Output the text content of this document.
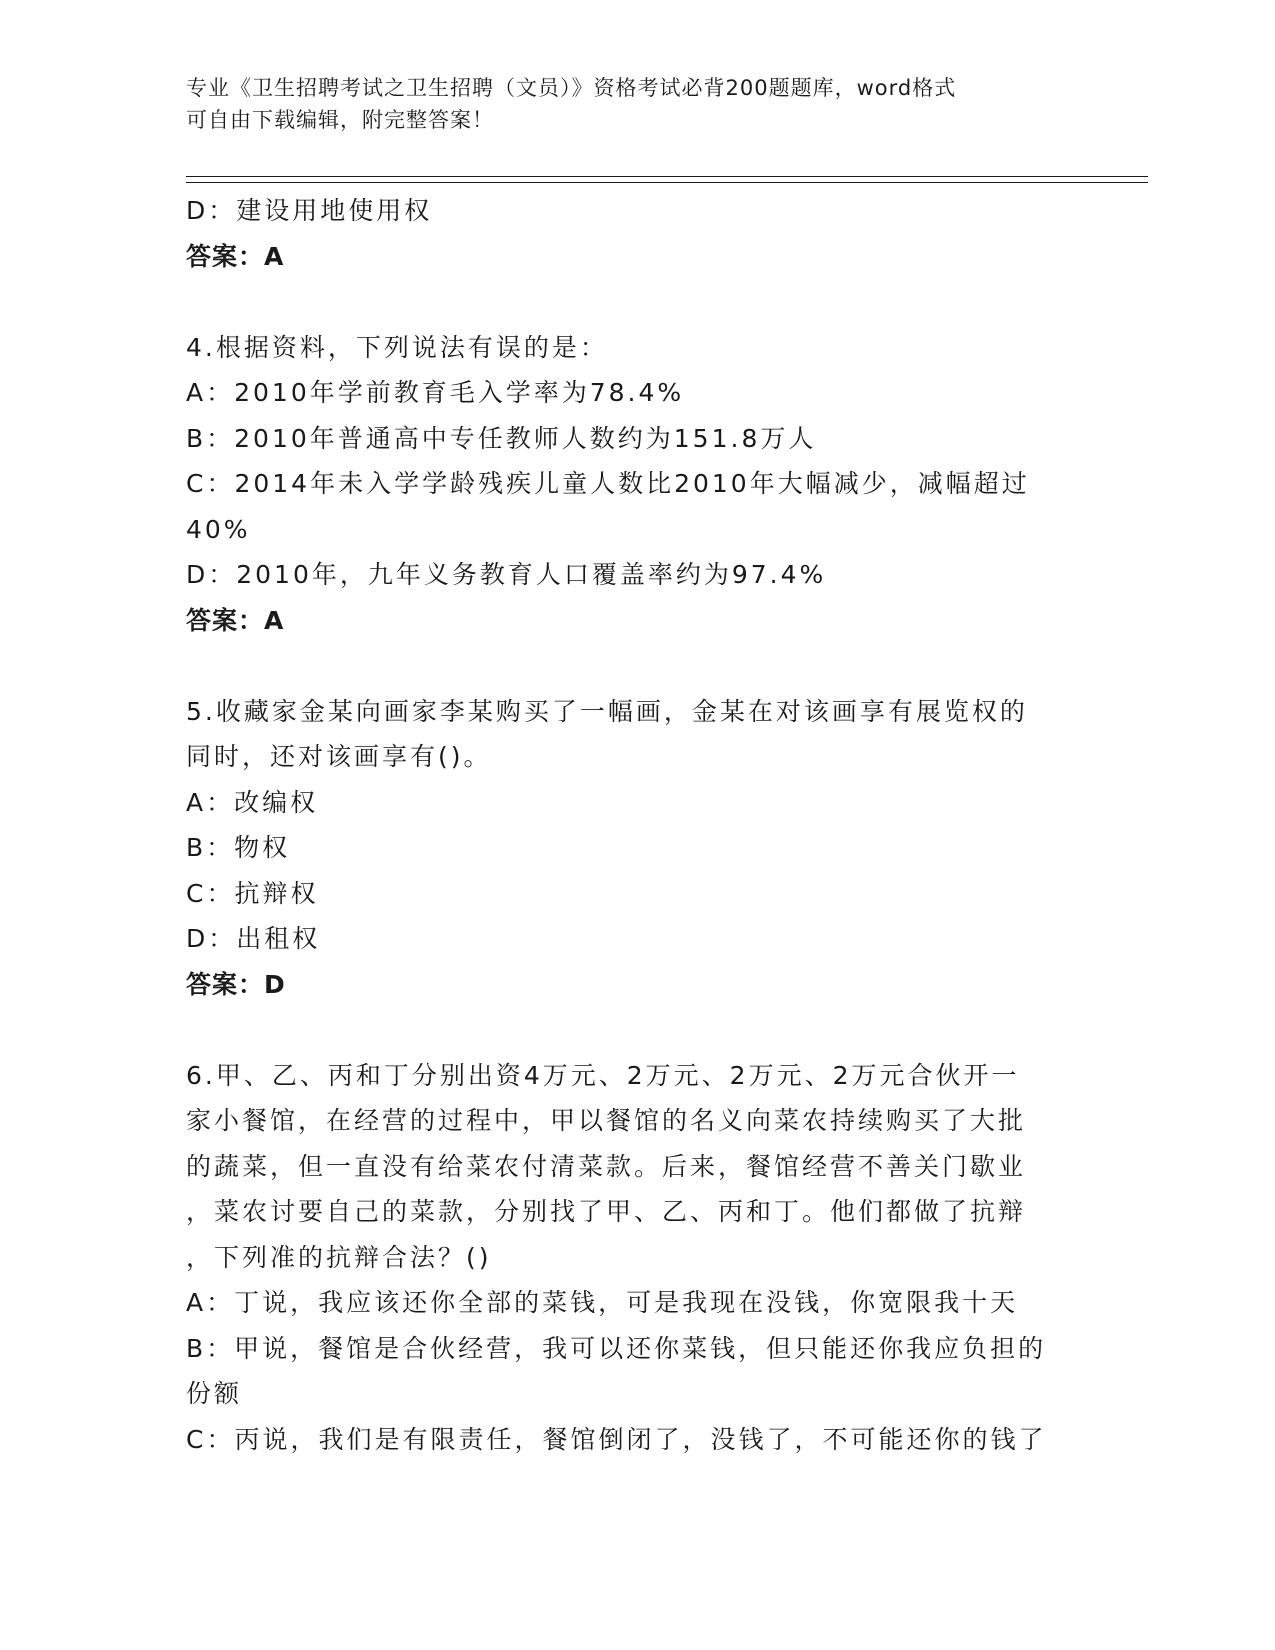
专业《卫生招聘考试之卫生招聘（文员）》资格考试必背200题题库，word格式
可自由下载编辑，附完整答案！
D：建设用地使用权
答案：A
4.根据资料，下列说法有误的是：
A：2010年学前教育毛入学率为78.4%
B：2010年普通高中专任教师人数约为151.8万人
C：2014年未入学学龄残疾儿童人数比2010年大幅减少，减幅超过
40%
D：2010年，九年义务教育人口覆盖率约为97.4%
答案：A
5.收藏家金某向画家李某购买了一幅画，金某在对该画享有展览权的
同时，还对该画享有()。
A：改编权
B：物权
C：抗辩权
D：出租权
答案：D
6.甲、乙、丙和丁分别出资4万元、2万元、2万元、2万元合伙开一
家小餐馆，在经营的过程中，甲以餐馆的名义向菜农持续购买了大批
的蔬菜，但一直没有给菜农付清菜款。后来，餐馆经营不善关门歇业
，菜农讨要自己的菜款，分别找了甲、乙、丙和丁。他们都做了抗辩
，下列准的抗辩合法？()
A：丁说，我应该还你全部的菜钱，可是我现在没钱，你宽限我十天
B：甲说，餐馆是合伙经营，我可以还你菜钱，但只能还你我应负担的
份额
C：丙说，我们是有限责任，餐馆倒闭了，没钱了，不可能还你的钱了
